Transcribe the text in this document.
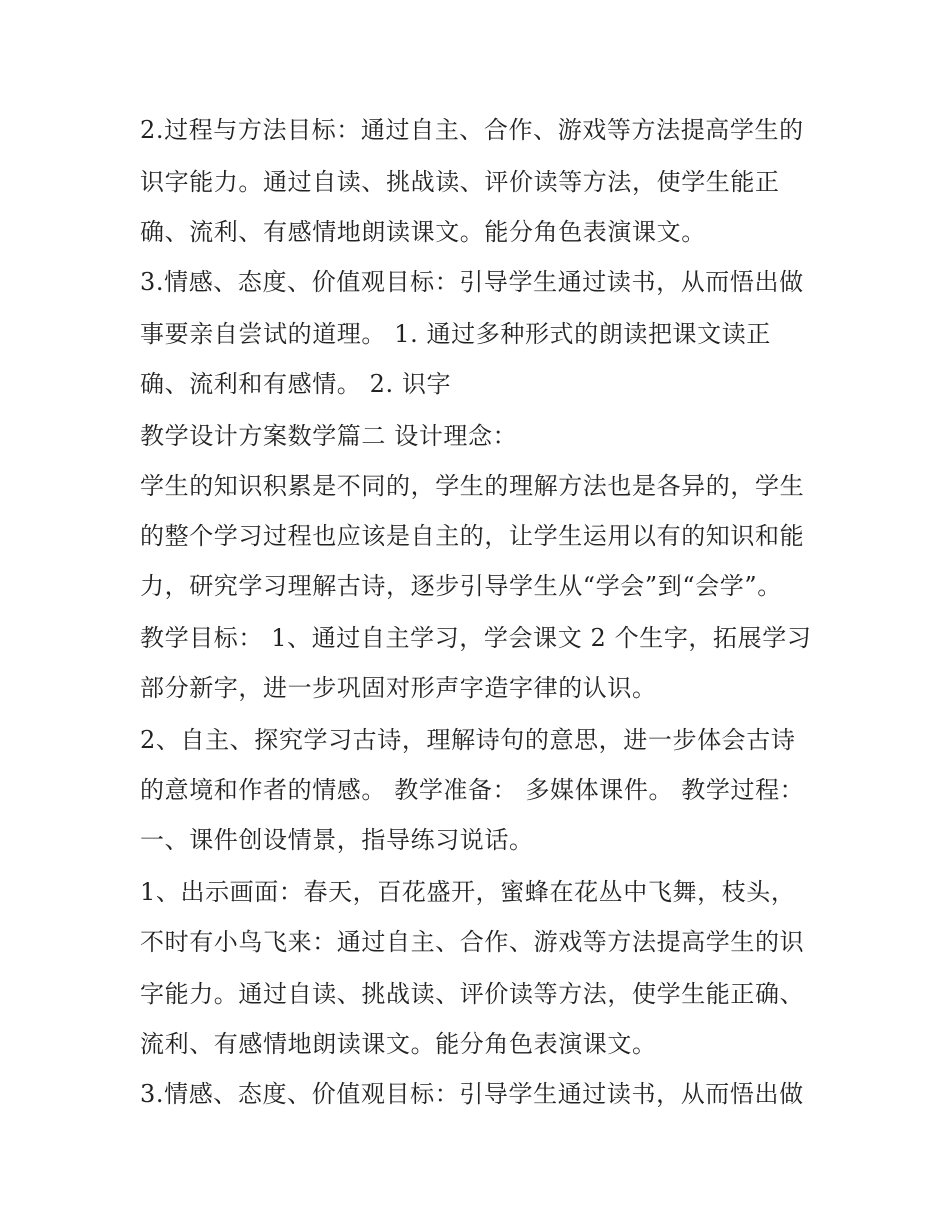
2.过程与方法目标：通过自主、合作、游戏等方法提高学生的
识字能力。通过自读、挑战读、评价读等方法，使学生能正
确、流利、有感情地朗读课文。能分角色表演课文。
3.情感、态度、价值观目标：引导学生通过读书，从而悟出做
事要亲自尝试的道理。 1. 通过多种形式的朗读把课文读正
确、流利和有感情。 2. 识字
教学设计方案数学篇二 设计理念：
学生的知识积累是不同的，学生的理解方法也是各异的，学生
的整个学习过程也应该是自主的，让学生运用以有的知识和能
力，研究学习理解古诗，逐步引导学生从“学会”到“会学”。
教学目标： 1、通过自主学习，学会课文 2 个生字，拓展学习
部分新字，进一步巩固对形声字造字律的认识。
2、自主、探究学习古诗，理解诗句的意思，进一步体会古诗
的意境和作者的情感。 教学准备： 多媒体课件。 教学过程：
一、课件创设情景，指导练习说话。
1、出示画面：春天，百花盛开，蜜蜂在花丛中飞舞，枝头，
不时有小鸟飞来：通过自主、合作、游戏等方法提高学生的识
字能力。通过自读、挑战读、评价读等方法，使学生能正确、
流利、有感情地朗读课文。能分角色表演课文。
3.情感、态度、价值观目标：引导学生通过读书，从而悟出做
